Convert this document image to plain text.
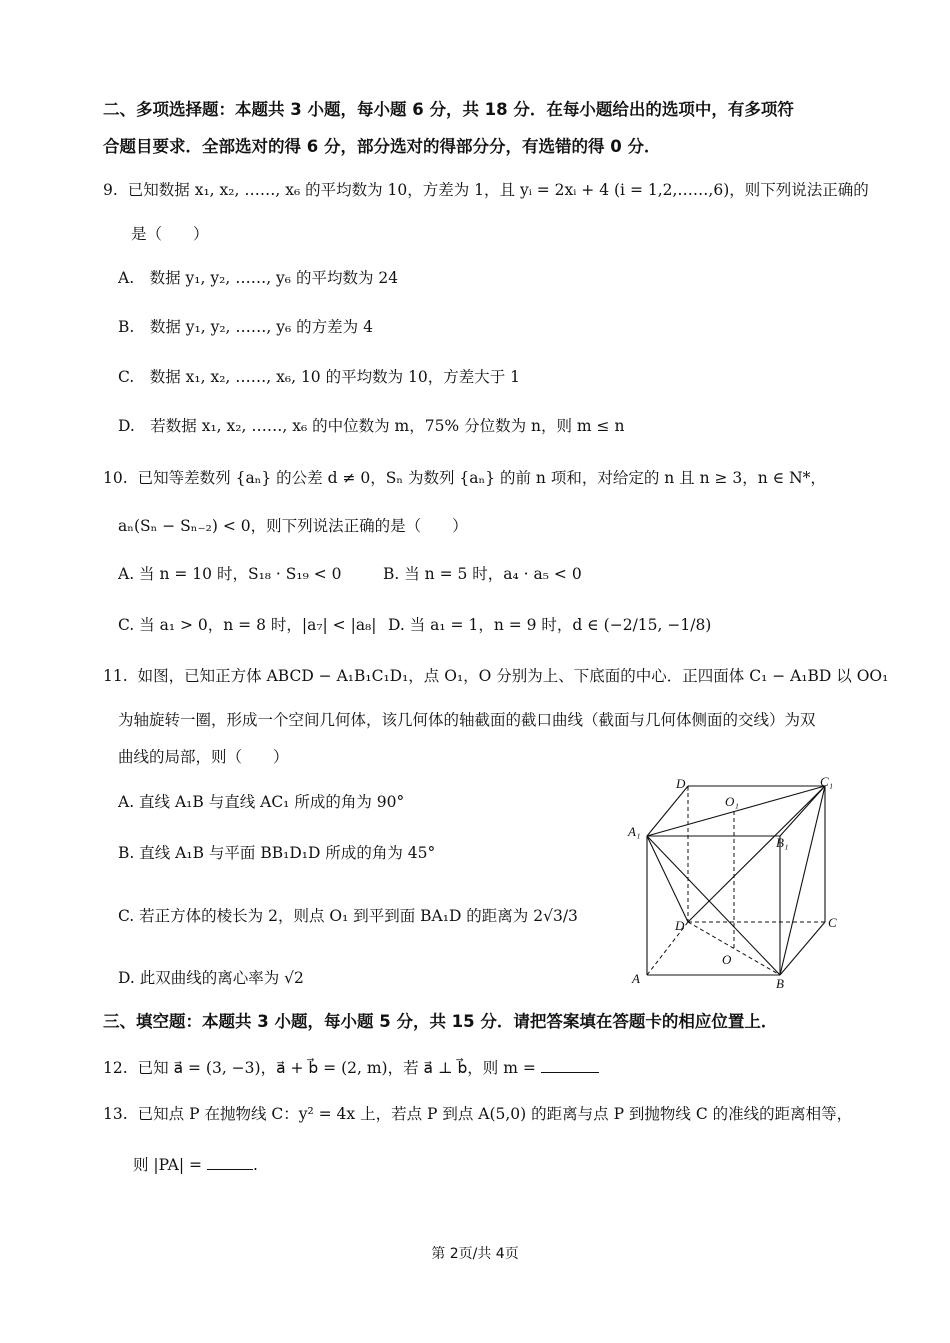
二、多项选择题：本题共 3 小题，每小题 6 分，共 18 分．在每小题给出的选项中，有多项符
合题目要求．全部选对的得 6 分，部分选对的得部分分，有选错的得 0 分．
9. 已知数据 x₁, x₂, ……, x₆ 的平均数为 10，方差为 1，且 yᵢ = 2xᵢ + 4 (i = 1,2,……,6)，则下列说法正确的
是（　　）
A.　数据 y₁, y₂, ……, y₆ 的平均数为 24
B.　数据 y₁, y₂, ……, y₆ 的方差为 4
C.　数据 x₁, x₂, ……, x₆, 10 的平均数为 10，方差大于 1
D.　若数据 x₁, x₂, ……, x₆ 的中位数为 m，75% 分位数为 n，则 m ≤ n
10. 已知等差数列 {aₙ} 的公差 d ≠ 0，Sₙ 为数列 {aₙ} 的前 n 项和，对给定的 n 且 n ≥ 3，n ∈ N*，
aₙ(Sₙ − Sₙ₋₂) < 0，则下列说法正确的是（　　）
A. 当 n = 10 时，S₁₈ · S₁₉ < 0	B. 当 n = 5 时，a₄ · a₅ < 0
C. 当 a₁ > 0，n = 8 时，|a₇| < |a₈| D. 当 a₁ = 1，n = 9 时，d ∈ (−2/15, −1/8)
11. 如图，已知正方体 ABCD − A₁B₁C₁D₁，点 O₁，O 分别为上、下底面的中心．正四面体 C₁ − A₁BD 以 OO₁
为轴旋转一圈，形成一个空间几何体，该几何体的轴截面的截口曲线（截面与几何体侧面的交线）为双
曲线的局部，则（　　）
A. 直线 A₁B 与直线 AC₁ 所成的角为 90°
B. 直线 A₁B 与平面 BB₁D₁D 所成的角为 45°
C. 若正方体的棱长为 2，则点 O₁ 到平到面 BA₁D 的距离为 2√3/3
D. 此双曲线的离心率为 √2
D₁
O₁
C₁
A₁
B₁
D	C
O
A	B
三、填空题：本题共 3 小题，每小题 5 分，共 15 分．请把答案填在答题卡的相应位置上．
12. 已知 a⃗ = (3, −3)，a⃗ + b⃗ = (2, m)，若 a⃗ ⊥ b⃗，则 m =
13. 已知点 P 在抛物线 C：y² = 4x 上，若点 P 到点 A(5,0) 的距离与点 P 到抛物线 C 的准线的距离相等，
则 |PA| =	.
第 2页/共 4页
